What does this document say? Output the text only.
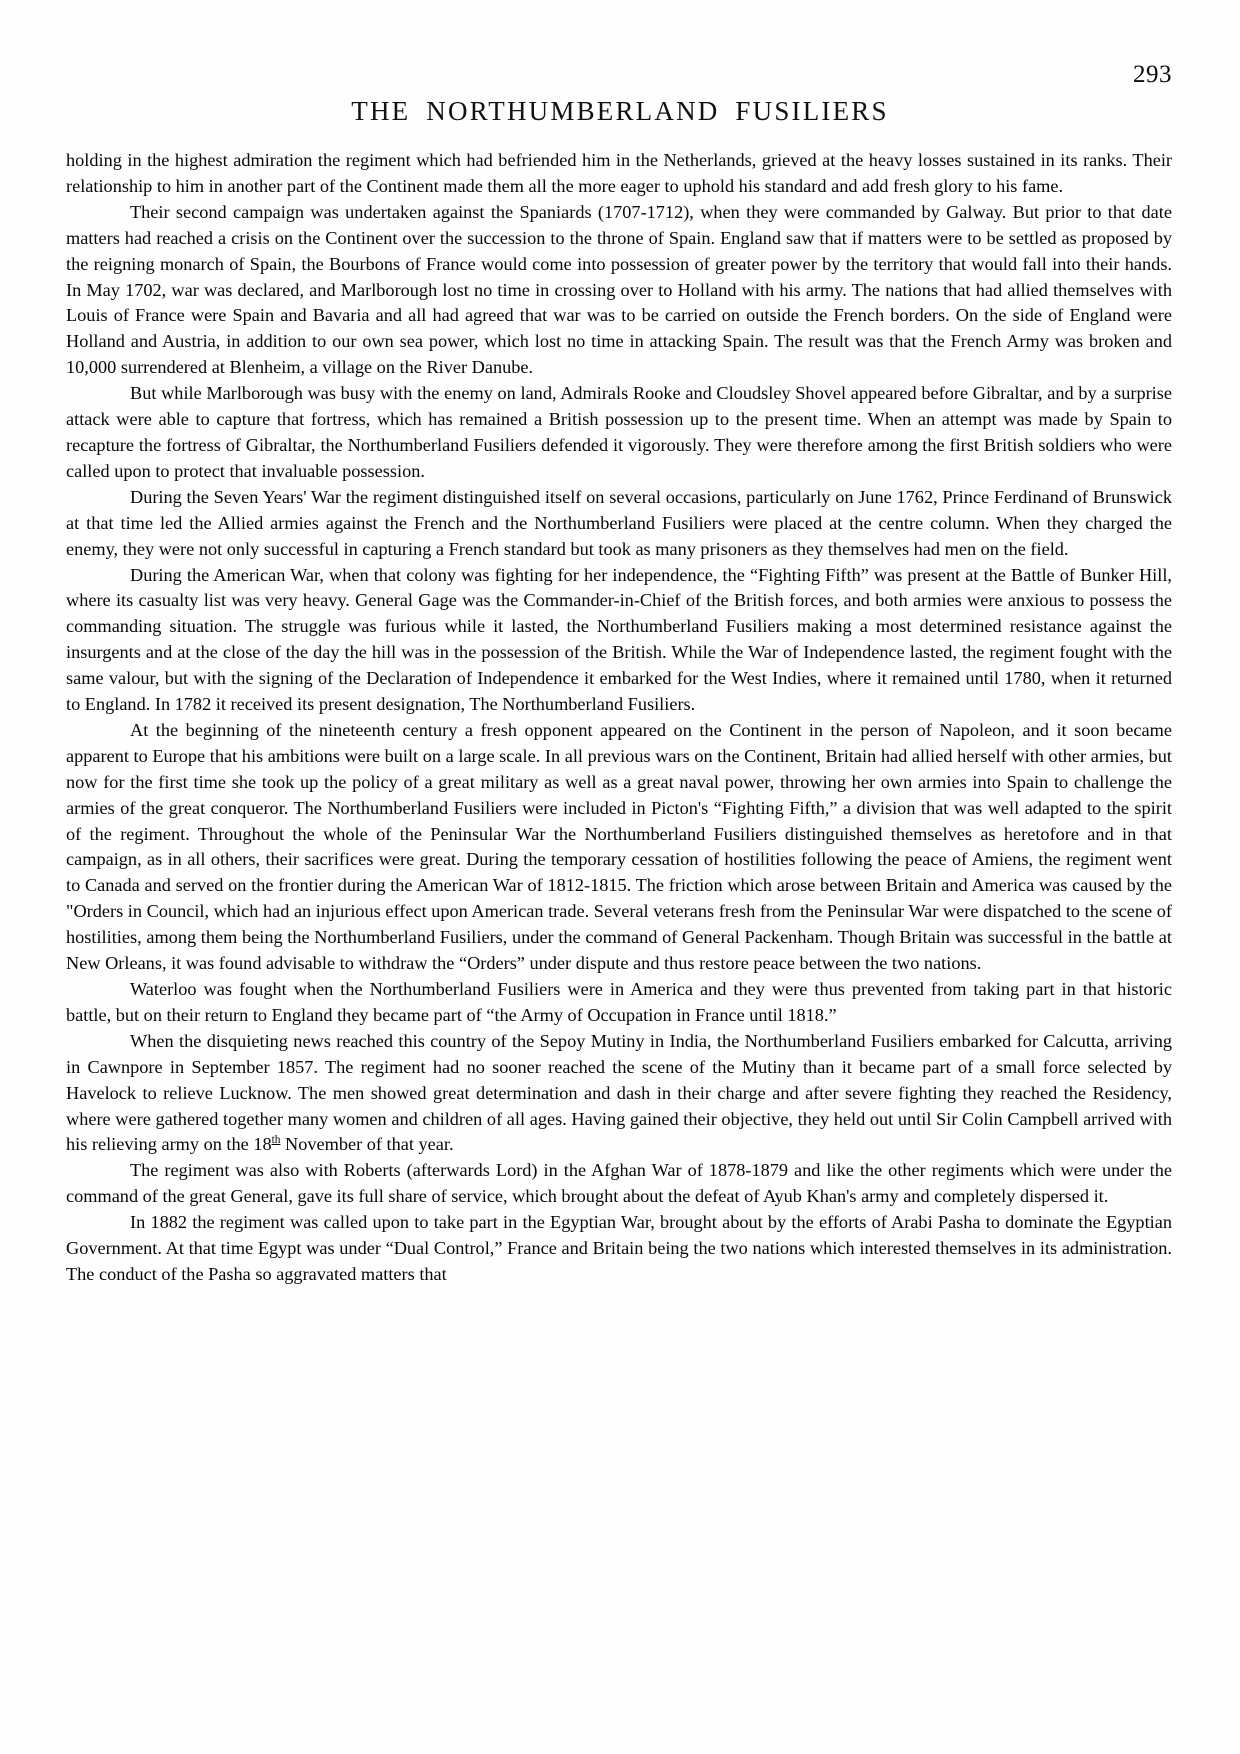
293
THE NORTHUMBERLAND FUSILIERS

holding in the highest admiration the regiment which had befriended him in the Netherlands, grieved at the heavy losses sustained in its ranks. Their relationship to him in another part of the Continent made them all the more eager to uphold his standard and add fresh glory to his fame.

Their second campaign was undertaken against the Spaniards (1707-1712), when they were commanded by Galway. But prior to that date matters had reached a crisis on the Continent over the succession to the throne of Spain. England saw that if matters were to be settled as proposed by the reigning monarch of Spain, the Bourbons of France would come into possession of greater power by the territory that would fall into their hands. In May 1702, war was declared, and Marlborough lost no time in crossing over to Holland with his army. The nations that had allied themselves with Louis of France were Spain and Bavaria and all had agreed that war was to be carried on outside the French borders. On the side of England were Holland and Austria, in addition to our own sea power, which lost no time in attacking Spain. The result was that the French Army was broken and 10,000 surrendered at Blenheim, a village on the River Danube.

But while Marlborough was busy with the enemy on land, Admirals Rooke and Cloudsley Shovel appeared before Gibraltar, and by a surprise attack were able to capture that fortress, which has remained a British possession up to the present time. When an attempt was made by Spain to recapture the fortress of Gibraltar, the Northumberland Fusiliers defended it vigorously. They were therefore among the first British soldiers who were called upon to protect that invaluable possession.

During the Seven Years' War the regiment distinguished itself on several occasions, particularly on June 1762, Prince Ferdinand of Brunswick at that time led the Allied armies against the French and the Northumberland Fusiliers were placed at the centre column. When they charged the enemy, they were not only successful in capturing a French standard but took as many prisoners as they themselves had men on the field.

During the American War, when that colony was fighting for her independence, the “Fighting Fifth” was present at the Battle of Bunker Hill, where its casualty list was very heavy. General Gage was the Commander-in-Chief of the British forces, and both armies were anxious to possess the commanding situation. The struggle was furious while it lasted, the Northumberland Fusiliers making a most determined resistance against the insurgents and at the close of the day the hill was in the possession of the British. While the War of Independence lasted, the regiment fought with the same valour, but with the signing of the Declaration of Independence it embarked for the West Indies, where it remained until 1780, when it returned to England. In 1782 it received its present designation, The Northumberland Fusiliers.

At the beginning of the nineteenth century a fresh opponent appeared on the Continent in the person of Napoleon, and it soon became apparent to Europe that his ambitions were built on a large scale. In all previous wars on the Continent, Britain had allied herself with other armies, but now for the first time she took up the policy of a great military as well as a great naval power, throwing her own armies into Spain to challenge the armies of the great conqueror. The Northumberland Fusiliers were included in Picton's “Fighting Fifth,” a division that was well adapted to the spirit of the regiment. Throughout the whole of the Peninsular War the Northumberland Fusiliers distinguished themselves as heretofore and in that campaign, as in all others, their sacrifices were great. During the temporary cessation of hostilities following the peace of Amiens, the regiment went to Canada and served on the frontier during the American War of 1812-1815. The friction which arose between Britain and America was caused by the "Orders in Council, which had an injurious effect upon American trade. Several veterans fresh from the Peninsular War were dispatched to the scene of hostilities, among them being the Northumberland Fusiliers, under the command of General Packenham. Though Britain was successful in the battle at New Orleans, it was found advisable to withdraw the “Orders” under dispute and thus restore peace between the two nations.

Waterloo was fought when the Northumberland Fusiliers were in America and they were thus prevented from taking part in that historic battle, but on their return to England they became part of “the Army of Occupation in France until 1818.”

When the disquieting news reached this country of the Sepoy Mutiny in India, the Northumberland Fusiliers embarked for Calcutta, arriving in Cawnpore in September 1857. The regiment had no sooner reached the scene of the Mutiny than it became part of a small force selected by Havelock to relieve Lucknow. The men showed great determination and dash in their charge and after severe fighting they reached the Residency, where were gathered together many women and children of all ages. Having gained their objective, they held out until Sir Colin Campbell arrived with his relieving army on the 18th November of that year.

The regiment was also with Roberts (afterwards Lord) in the Afghan War of 1878-1879 and like the other regiments which were under the command of the great General, gave its full share of service, which brought about the defeat of Ayub Khan's army and completely dispersed it.

In 1882 the regiment was called upon to take part in the Egyptian War, brought about by the efforts of Arabi Pasha to dominate the Egyptian Government. At that time Egypt was under “Dual Control,” France and Britain being the two nations which interested themselves in its administration. The conduct of the Pasha so aggravated matters that
